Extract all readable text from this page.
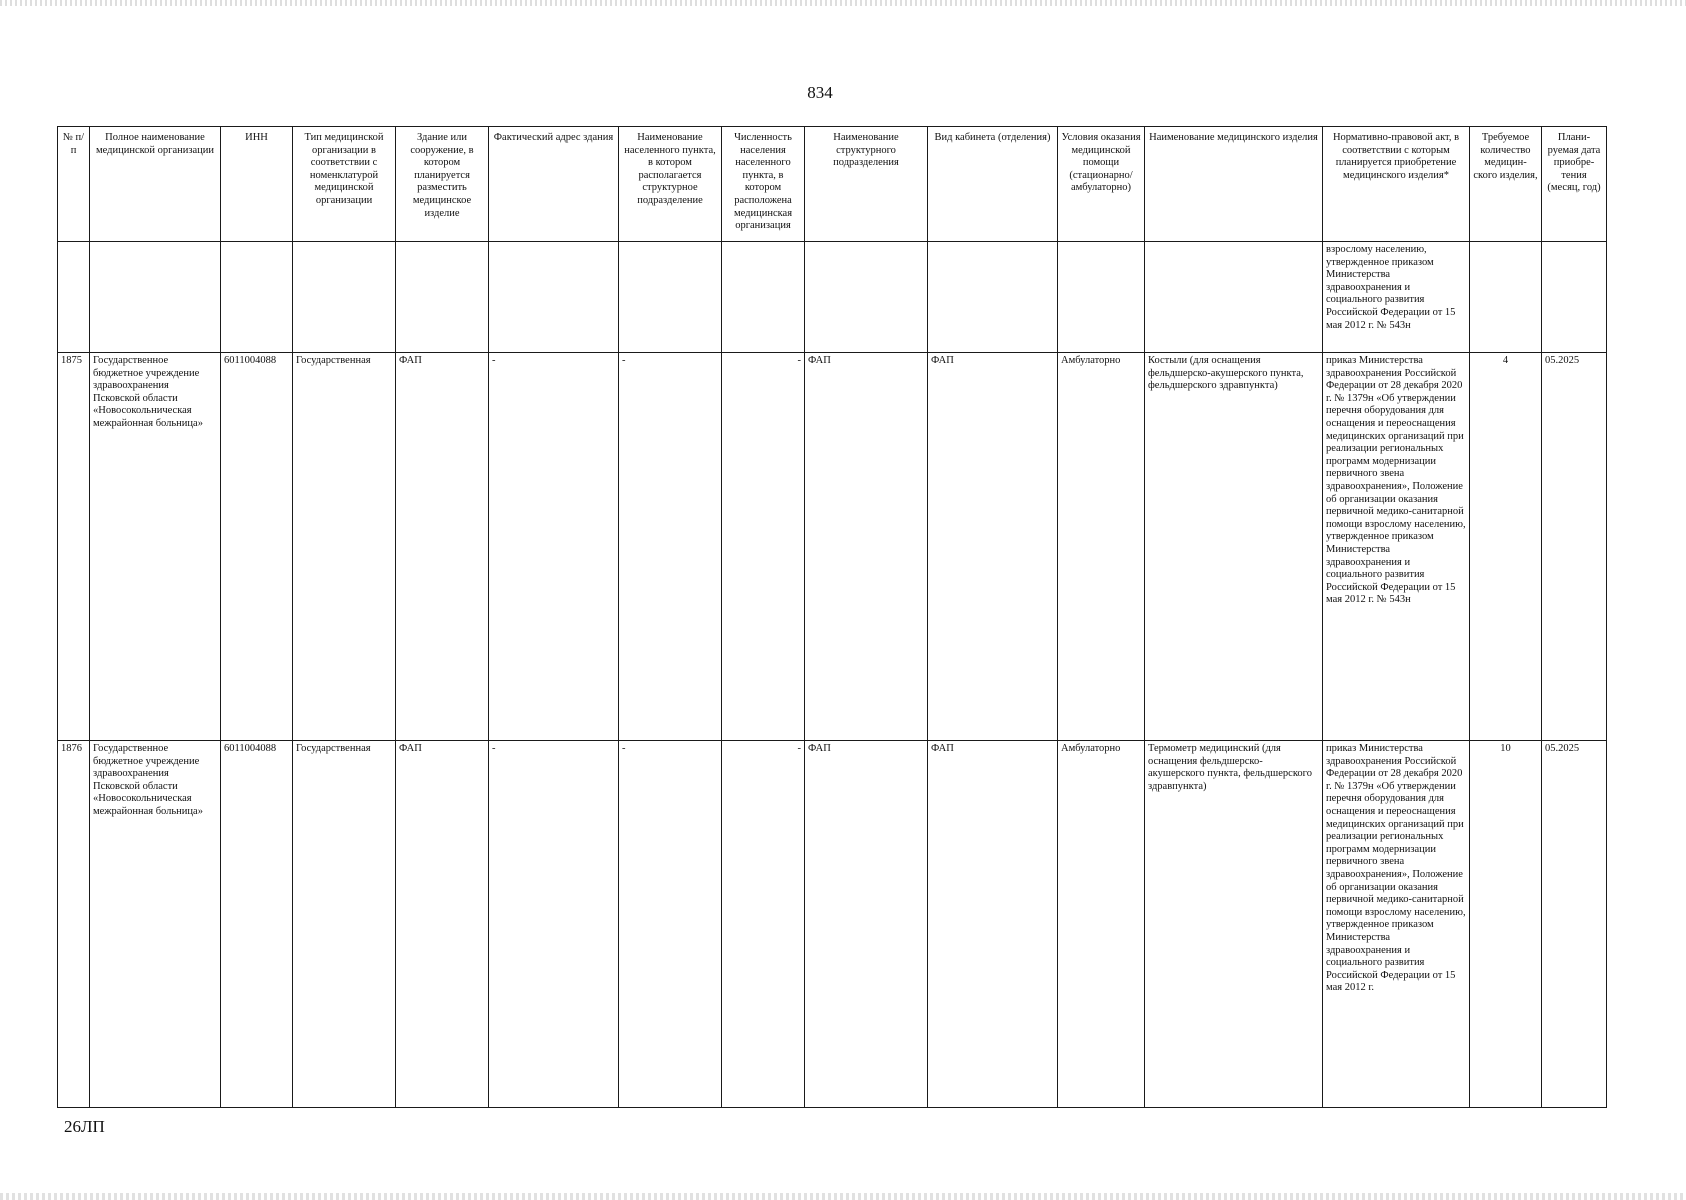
834
№ п/п	Полное наименование медицинской организации	ИНН	Тип медицинской организации в соответствии с номенклатурой медицинской организации	Здание или сооружение, в котором планируется разместить медицинское изделие	Фактический адрес здания	Наименование населенного пункта, в котором располагается структурное подразделение	Численность населения населенного пункта, в котором расположена медицинская организация	Наименование структурного подразделения	Вид кабинета (отделения)	Условия оказания медицинской помощи (стационарно/ амбулаторно)	Наименование медицинского изделия	Нормативно-правовой акт, в соответствии с которым планируется приобретение медицинского изделия*	Требуемое количество медицин-ского изделия,	Плани-руемая дата приобре-тения (месяц, год)
												взрослому населению, утвержденное приказом Министерства здравоохранения и социального развития Российской Федерации от 15 мая 2012 г. № 543н		
1875	Государственное бюджетное учреждение здравоохранения Псковской области «Новосокольническая межрайонная больница»	6011004088	Государственная	ФАП	-	-	-	ФАП	ФАП	Амбулаторно	Костыли (для оснащения фельдшерско-акушерского пункта, фельдшерского здравпункта)	приказ Министерства здравоохранения Российской Федерации от 28 декабря 2020 г. № 1379н «Об утверждении перечня оборудования для оснащения и переоснащения медицинских организаций при реализации региональных программ модернизации первичного звена здравоохранения», Положение об организации оказания первичной медико-санитарной помощи взрослому населению, утвержденное приказом Министерства здравоохранения и социального развития Российской Федерации от 15 мая 2012 г. № 543н	4	05.2025
1876	Государственное бюджетное учреждение здравоохранения Псковской области «Новосокольническая межрайонная больница»	6011004088	Государственная	ФАП	-	-	-	ФАП	ФАП	Амбулаторно	Термометр медицинский (для оснащения фельдшерско-акушерского пункта, фельдшерского здравпункта)	приказ Министерства здравоохранения Российской Федерации от 28 декабря 2020 г. № 1379н «Об утверждении перечня оборудования для оснащения и переоснащения медицинских организаций при реализации региональных программ модернизации первичного звена здравоохранения», Положение об организации оказания первичной медико-санитарной помощи взрослому населению, утвержденное приказом Министерства здравоохранения и социального развития Российской Федерации от 15 мая 2012 г.	10	05.2025
26ЛП
